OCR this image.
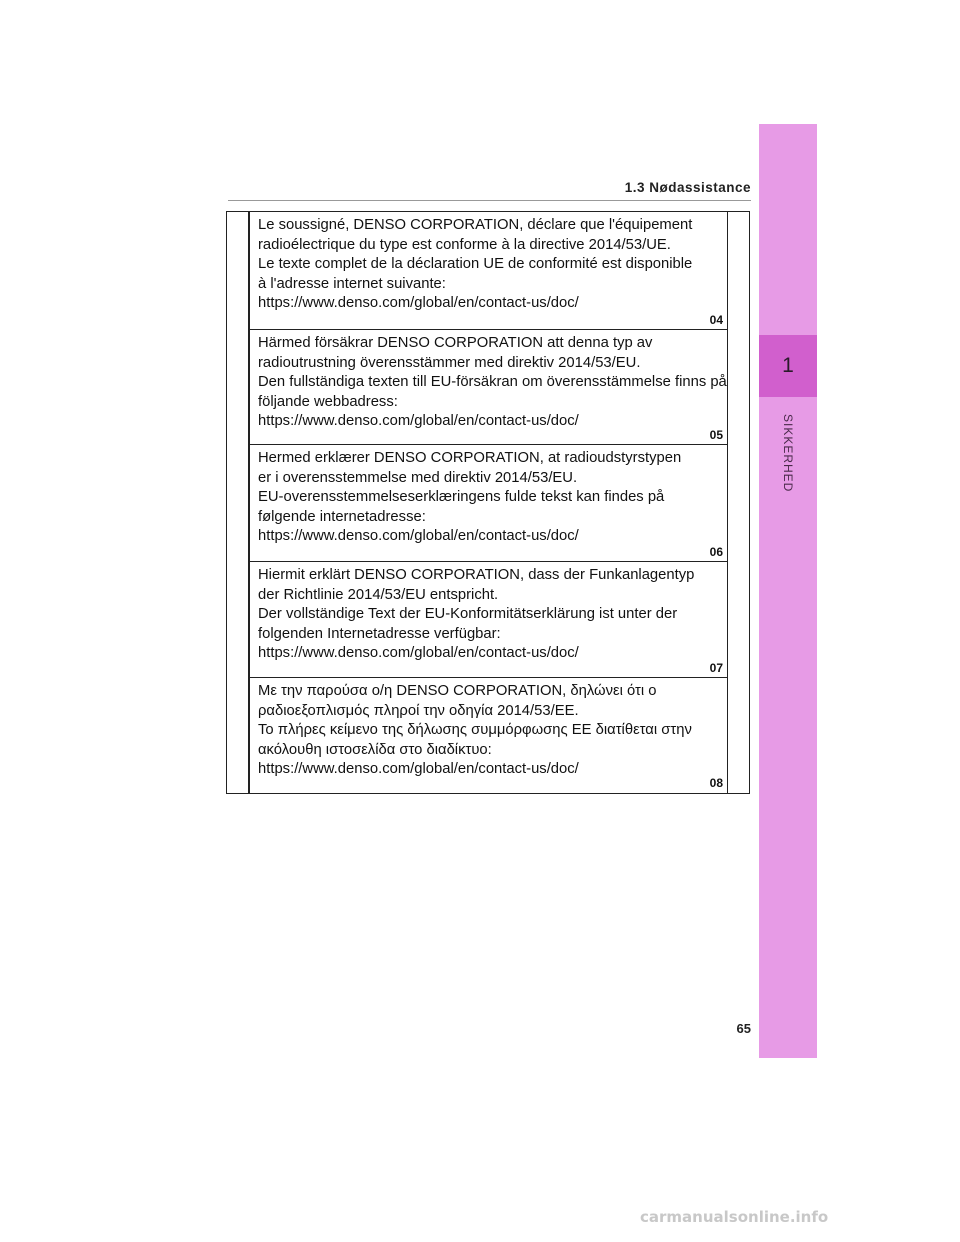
1
SIKKERHED
1.3 Nødassistance
Le soussigné, DENSO CORPORATION, déclare que l'équipement
radioélectrique du type est conforme à la directive 2014/53/UE.
Le texte complet de la déclaration UE de conformité est disponible
à l'adresse internet suivante:
https://www.denso.com/global/en/contact-us/doc/
04
Härmed försäkrar DENSO CORPORATION att denna typ av
radioutrustning överensstämmer med direktiv 2014/53/EU.
Den fullständiga texten till EU-försäkran om överensstämmelse finns på
följande webbadress:
https://www.denso.com/global/en/contact-us/doc/
05
Hermed erklærer DENSO CORPORATION, at radioudstyrstypen
er i overensstemmelse med direktiv 2014/53/EU.
EU-overensstemmelseserklæringens fulde tekst kan findes på
følgende internetadresse:
https://www.denso.com/global/en/contact-us/doc/
06
Hiermit erklärt DENSO CORPORATION, dass der Funkanlagentyp
der Richtlinie 2014/53/EU entspricht.
Der vollständige Text der EU-Konformitätserklärung ist unter der
folgenden Internetadresse verfügbar:
https://www.denso.com/global/en/contact-us/doc/
07
Με την παρούσα ο/η DENSO CORPORATION, δηλώνει ότι ο
ραδιοεξοπλισμός πληροί την οδηγία 2014/53/ΕΕ.
Το πλήρες κείμενο της δήλωσης συμμόρφωσης ΕΕ διατίθεται στην
ακόλουθη ιστοσελίδα στο διαδίκτυο:
https://www.denso.com/global/en/contact-us/doc/
08
65
carmanualsonline.info
